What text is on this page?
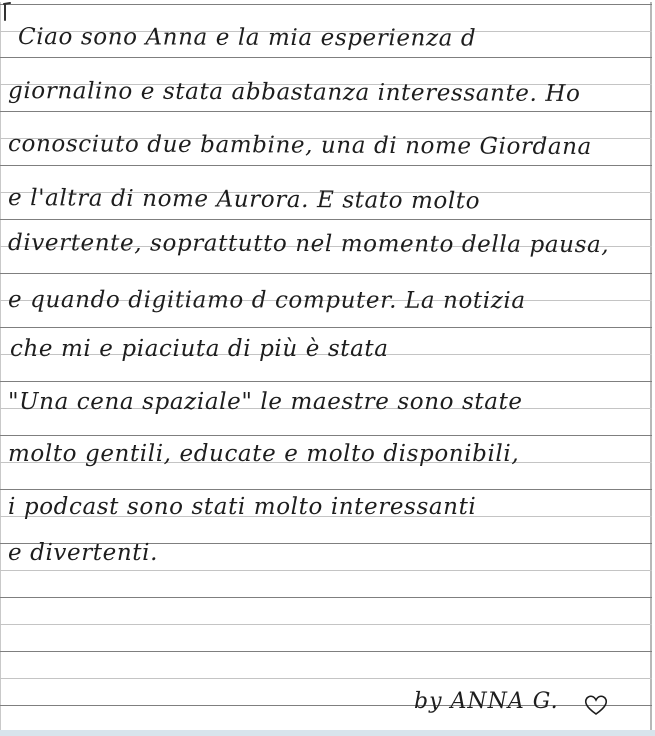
Ciao sono Anna e la mia esperienza d
giornalino e stata abbastanza interessante. Ho
conosciuto due bambine, una di nome Giordana
e l'altra di nome Aurora. E stato molto
divertente, soprattutto nel momento della pausa,
e quando digitiamo d computer. La notizia
che mi e piaciuta di più è stata
"Una cena spaziale" le maestre sono state
molto gentili, educate e molto disponibili,
i podcast sono stati molto interessanti
e divertenti.
by ANNA G.
